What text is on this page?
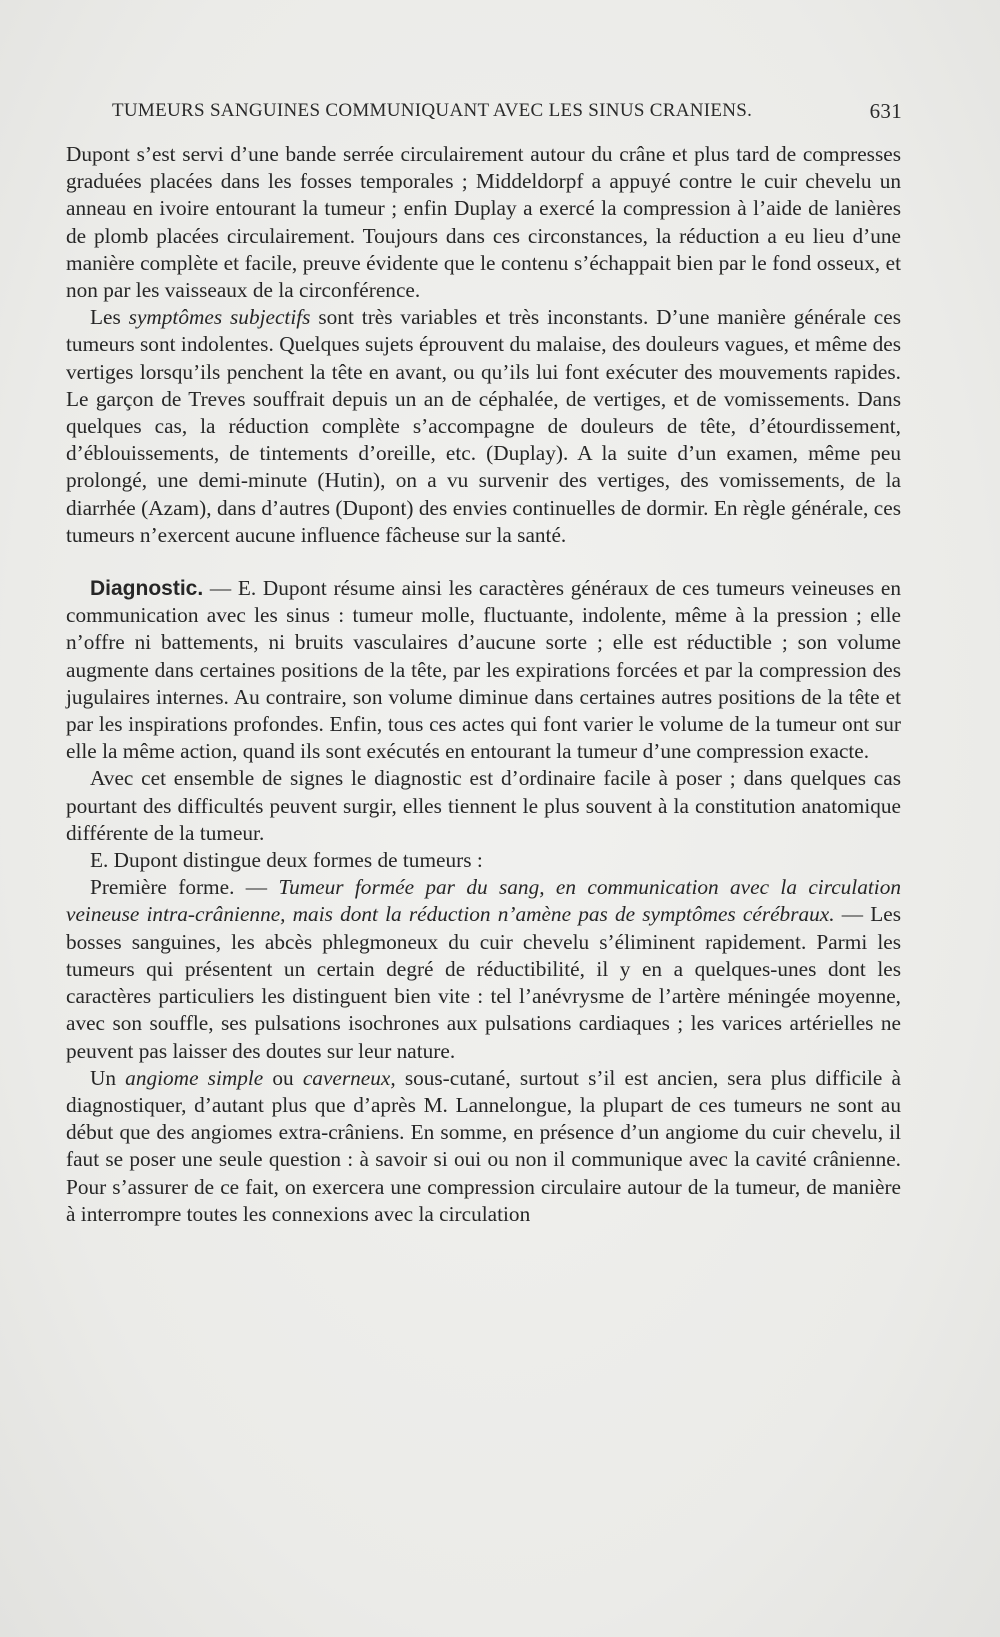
TUMEURS SANGUINES COMMUNIQUANT AVEC LES SINUS CRANIENS.	631

Dupont s’est servi d’une bande serrée circulairement autour du crâne et plus tard de compresses graduées placées dans les fosses temporales ; Middeldorpf a appuyé contre le cuir chevelu un anneau en ivoire entourant la tumeur ; enfin Duplay a exercé la compression à l’aide de lanières de plomb placées circulairement. Toujours dans ces circonstances, la réduction a eu lieu d’une manière complète et facile, preuve évidente que le contenu s’échappait bien par le fond osseux, et non par les vaisseaux de la circonférence.

Les symptômes subjectifs sont très variables et très inconstants. D’une manière générale ces tumeurs sont indolentes. Quelques sujets éprouvent du malaise, des douleurs vagues, et même des vertiges lorsqu’ils penchent la tête en avant, ou qu’ils lui font exécuter des mouvements rapides. Le garçon de Treves souffrait depuis un an de céphalée, de vertiges, et de vomissements. Dans quelques cas, la réduction complète s’accompagne de douleurs de tête, d’étourdissement, d’éblouissements, de tintements d’oreille, etc. (Duplay). A la suite d’un examen, même peu prolongé, une demi-minute (Hutin), on a vu survenir des vertiges, des vomissements, de la diarrhée (Azam), dans d’autres (Dupont) des envies continuelles de dormir. En règle générale, ces tumeurs n’exercent aucune influence fâcheuse sur la santé.

Diagnostic. — E. Dupont résume ainsi les caractères généraux de ces tumeurs veineuses en communication avec les sinus : tumeur molle, fluctuante, indolente, même à la pression ; elle n’offre ni battements, ni bruits vasculaires d’aucune sorte ; elle est réductible ; son volume augmente dans certaines positions de la tête, par les expirations forcées et par la compression des jugulaires internes. Au contraire, son volume diminue dans certaines autres positions de la tête et par les inspirations profondes. Enfin, tous ces actes qui font varier le volume de la tumeur ont sur elle la même action, quand ils sont exécutés en entourant la tumeur d’une compression exacte.

Avec cet ensemble de signes le diagnostic est d’ordinaire facile à poser ; dans quelques cas pourtant des difficultés peuvent surgir, elles tiennent le plus souvent à la constitution anatomique différente de la tumeur.

E. Dupont distingue deux formes de tumeurs :

Première forme. — Tumeur formée par du sang, en communication avec la circulation veineuse intra-crânienne, mais dont la réduction n’amène pas de symptômes cérébraux. — Les bosses sanguines, les abcès phlegmoneux du cuir chevelu s’éliminent rapidement. Parmi les tumeurs qui présentent un certain degré de réductibilité, il y en a quelques-unes dont les caractères particuliers les distinguent bien vite : tel l’anévrysme de l’artère méningée moyenne, avec son souffle, ses pulsations isochrones aux pulsations cardiaques ; les varices artérielles ne peuvent pas laisser des doutes sur leur nature.

Un angiome simple ou caverneux, sous-cutané, surtout s’il est ancien, sera plus difficile à diagnostiquer, d’autant plus que d’après M. Lannelongue, la plupart de ces tumeurs ne sont au début que des angiomes extra-crâniens. En somme, en présence d’un angiome du cuir chevelu, il faut se poser une seule question : à savoir si oui ou non il communique avec la cavité crânienne. Pour s’assurer de ce fait, on exercera une compression circulaire autour de la tumeur, de manière à interrompre toutes les connexions avec la circulation
